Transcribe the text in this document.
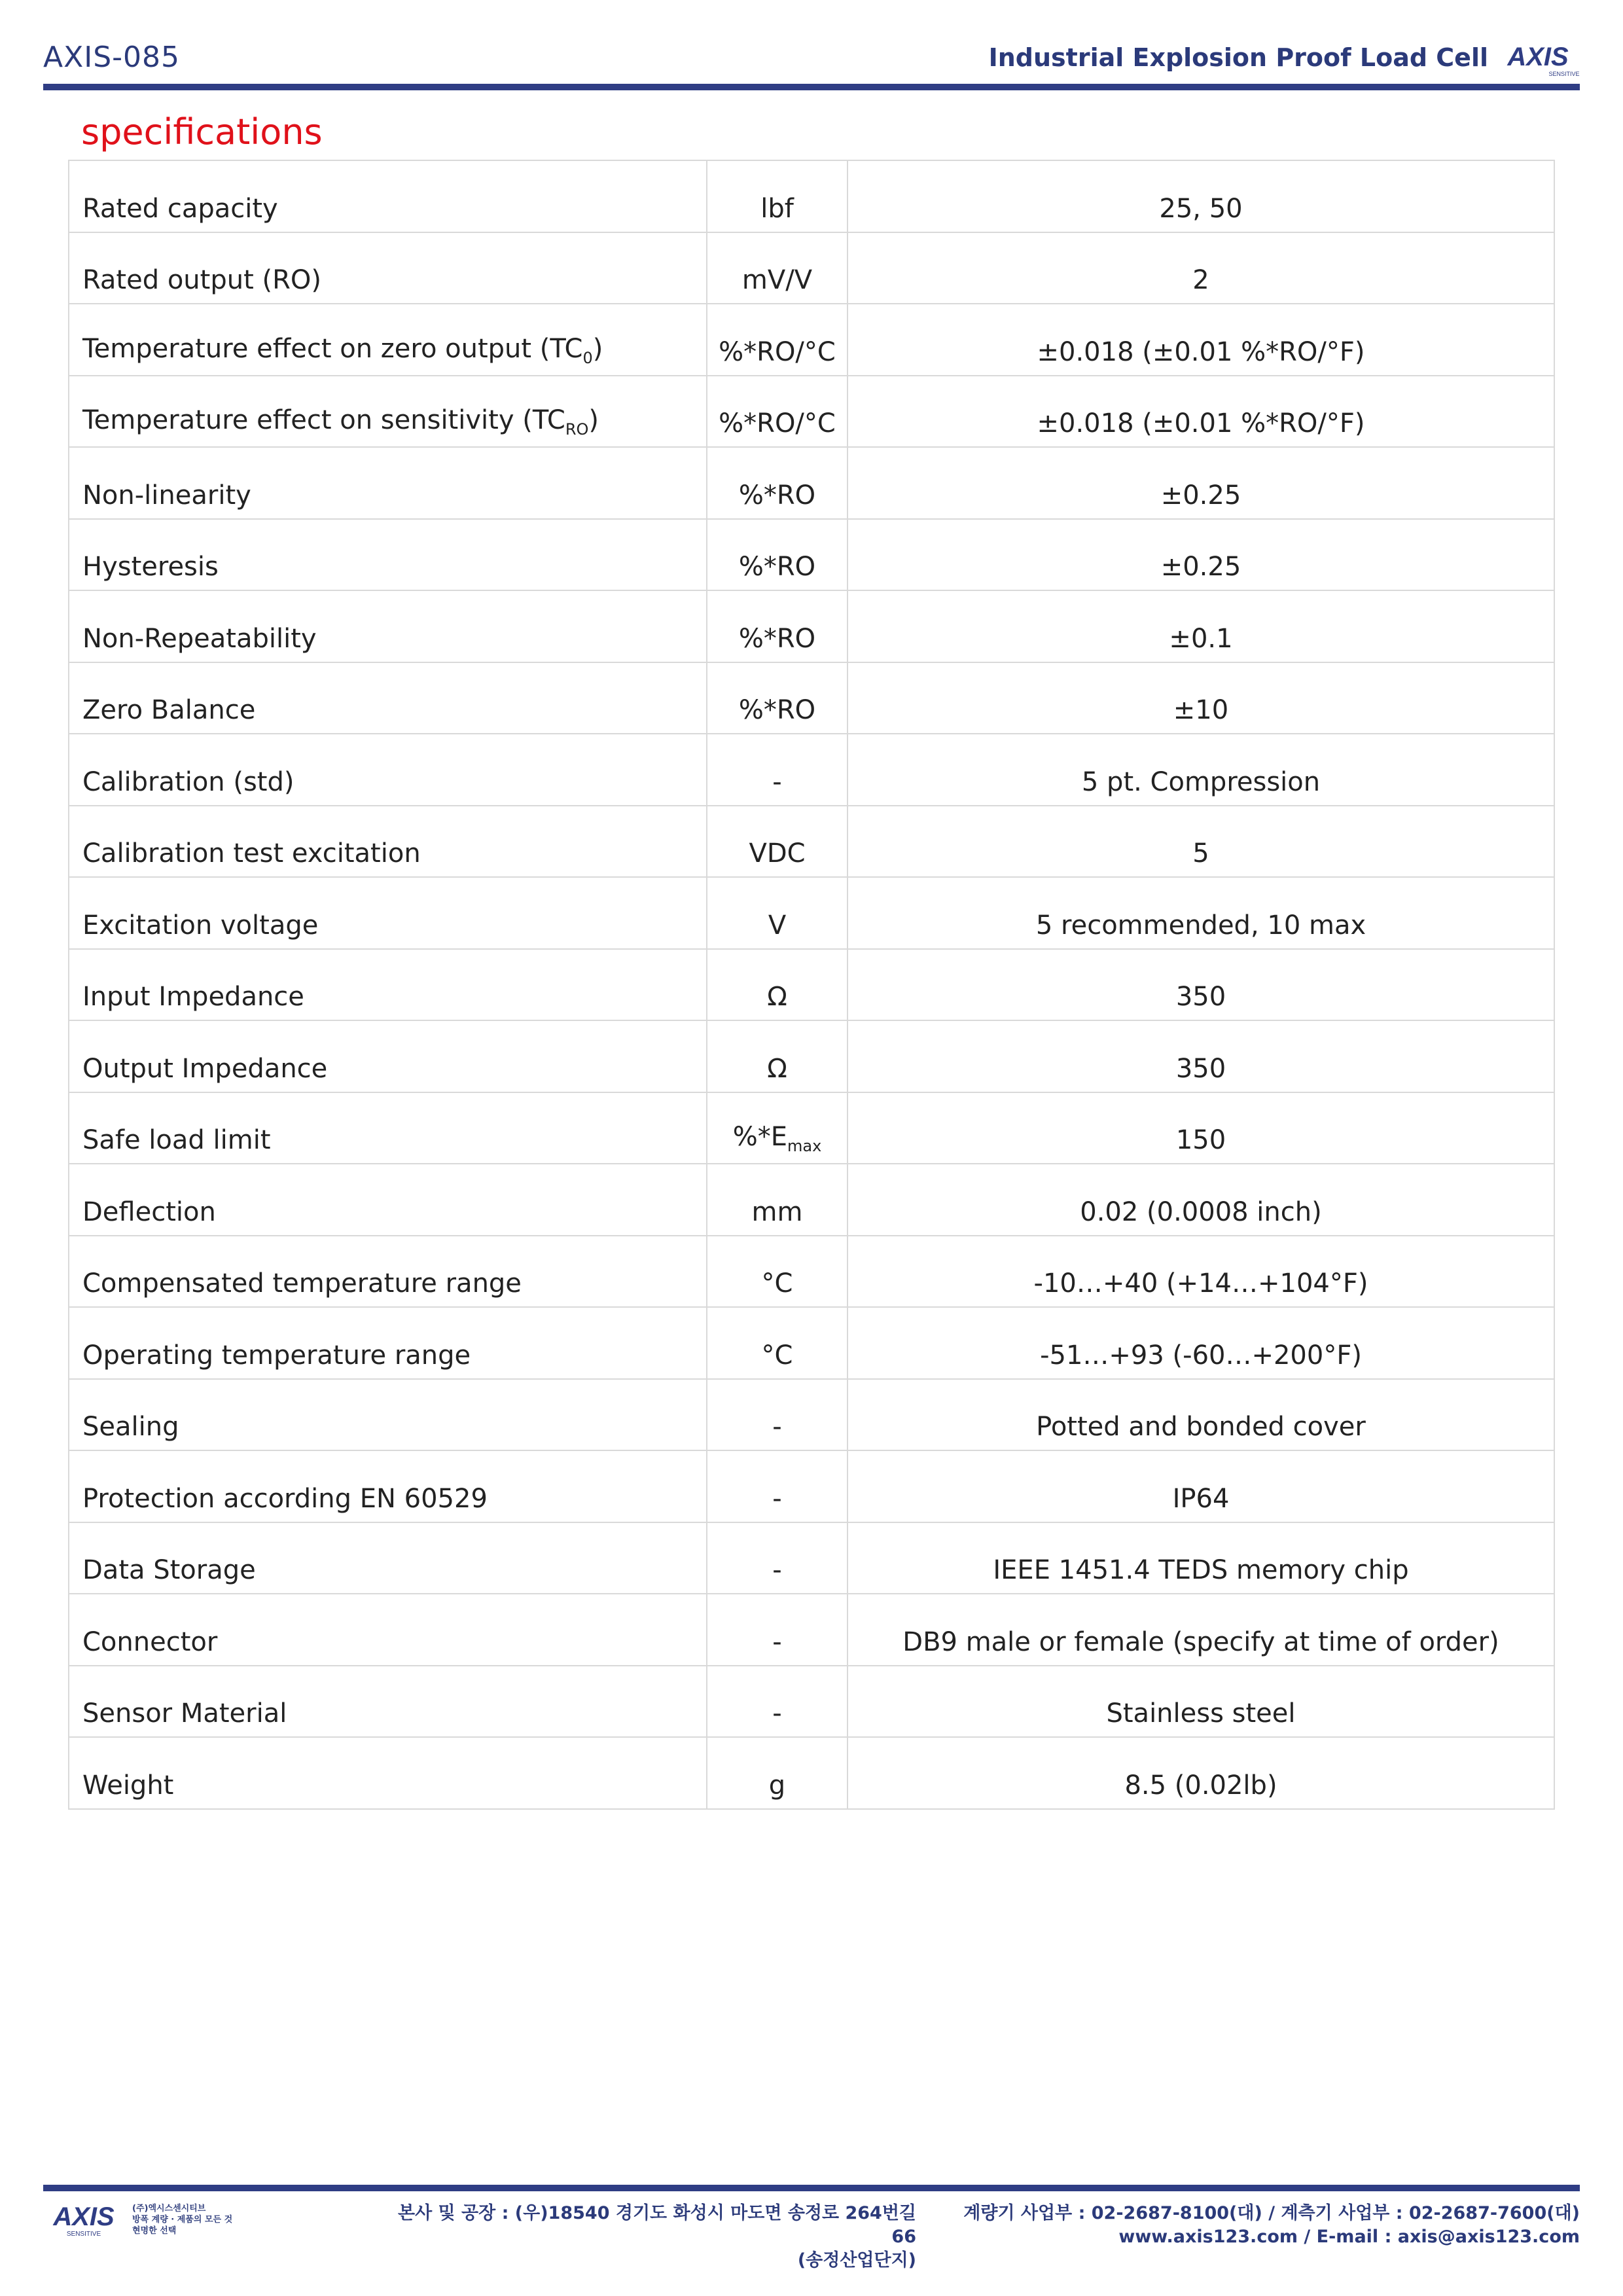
AXIS-085	Industrial Explosion Proof Load Cell AXIS
SENSITIVE
specifications
Rated capacity	lbf	25, 50
Rated output (RO)	mV/V	2
Temperature effect on zero output $(TC_0)$	%*RO/°C	±0.018 (±0.01 %*RO/°F)
Temperature effect on sensitivity $(TC_{RO})$	%*RO/°C	±0.018 (±0.01 %*RO/°F)
Non-linearity	%*RO	±0.25
Hysteresis	%*RO	±0.25
Non-Repeatability	%*RO	±0.1
Zero Balance	%*RO	±10
Calibration (std)	-	5 pt. Compression
Calibration test excitation	VDC	5
Excitation voltage	V	5 recommended, 10 max
Input Impedance	Ω	350
Output Impedance	Ω	350
Safe load limit	$\%*E_{max}$	150
Deflection	mm	0.02 (0.0008 inch)
Compensated temperature range	°C	-10…+40 (+14…+104°F)
Operating temperature range	°C	-51…+93 (-60…+200°F)
Sealing	-	Potted and bonded cover
Protection according EN 60529	-	IP64
Data Storage	-	IEEE 1451.4 TEDS memory chip
Connector	-	DB9 male or female (specify at time of order)
Sensor Material	-	Stainless steel
Weight	g	8.5 (0.02lb)
AXIS
SENSITIVE
(주)엑시스센시티브
방폭 계량 · 제품의 모든 것
현명한 선택
본사 및 공장 : (우)18540 경기도 화성시 마도면 송정로 264번길 66
(송정산업단지)
계량기 사업부 : 02-2687-8100(대) / 계측기 사업부 : 02-2687-7600(대)
www.axis123.com / E-mail : axis@axis123.com
